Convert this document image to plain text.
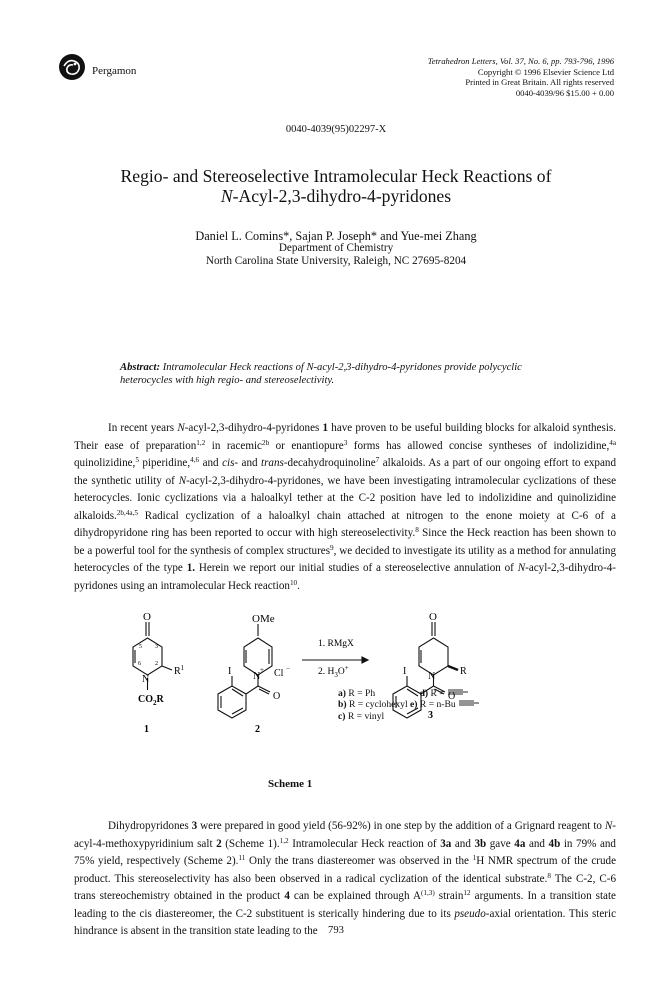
Pergamon
Tetrahedron Letters, Vol. 37, No. 6, pp. 793-796, 1996
Copyright © 1996 Elsevier Science Ltd
Printed in Great Britain. All rights reserved
0040-4039/96 $15.00 + 0.00
0040-4039(95)02297-X
Regio- and Stereoselective Intramolecular Heck Reactions of
N-Acyl-2,3-dihydro-4-pyridones
Daniel L. Comins*, Sajan P. Joseph* and Yue-mei Zhang
Department of Chemistry
North Carolina State University, Raleigh, NC 27695-8204
Abstract: Intramolecular Heck reactions of N-acyl-2,3-dihydro-4-pyridones provide polycyclic heterocycles with high regio- and stereoselectivity.

In recent years N-acyl-2,3-dihydro-4-pyridones 1 have proven to be useful building blocks for alkaloid synthesis. Their ease of preparation$^{1,2}$ in racemic$^{2b}$ or enantiopure$^3$ forms has allowed concise syntheses of indolizidine,$^{4a}$ quinolizidine,$^5$ piperidine,$^{4,6}$ and cis- and trans-decahydroquinoline$^7$ alkaloids. As a part of our ongoing effort to expand the synthetic utility of N-acyl-2,3-dihydro-4-pyridones, we have been investigating intramolecular cyclizations of these heterocycles. Ionic cyclizations via a haloalkyl tether at the C-2 position have led to indolizidine and quinolizidine alkaloids.$^{2b,4a,5}$ Radical cyclization of a haloalkyl chain attached at nitrogen to the enone moiety at C-6 of a dihydropyridone ring has been reported to occur with high stereoselectivity.$^8$ Since the Heck reaction has been shown to be a powerful tool for the synthesis of complex structures$^9$, we decided to investigate its utility as a method for annulating heterocycles of the type 1. Herein we report our initial studies of a stereoselective annulation of N-acyl-2,3-dihydro-4-pyridones using an intramolecular Heck reaction$^{10}$.

O
N
$R^1$
$CO_2R$
1
5 3
6 2
OMe
N
+ Cl −
I
O
2
1. RMgX
2. $H_3O^+$
O
N R
I
O
3
a) R = Ph	d) R =
b) R = cyclohexyl e) R = n-Bu
c) R = vinyl
Scheme 1

Dihydropyridones 3 were prepared in good yield (56-92%) in one step by the addition of a Grignard reagent to N-acyl-4-methoxypyridinium salt 2 (Scheme 1).$^{1,2}$ Intramolecular Heck reaction of 3a and 3b gave 4a and 4b in 79% and 75% yield, respectively (Scheme 2).$^{11}$ Only the trans diastereomer was observed in the $^1$H NMR spectrum of the crude product. This stereoselectivity has also been observed in a radical cyclization of the identical substrate.$^8$ The C-2, C-6 trans stereochemistry obtained in the product 4 can be explained through A$^{(1,3)}$ strain$^{12}$ arguments. In a transition state leading to the cis diastereomer, the C-2 substituent is sterically hindering due to its pseudo-axial orientation. This steric hindrance is absent in the transition state leading to the 793
